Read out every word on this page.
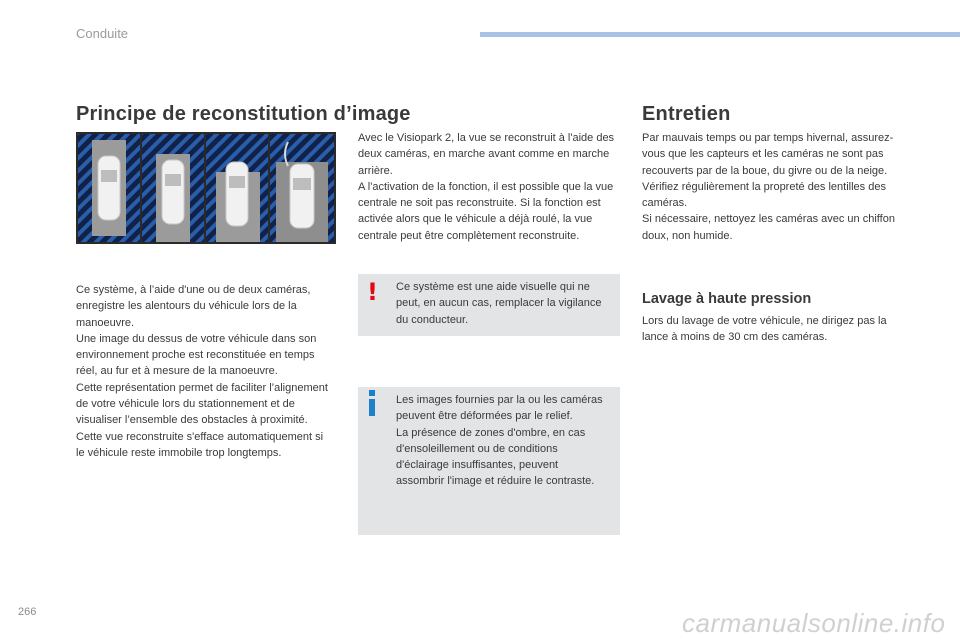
Conduite
Principe de reconstitution d’image

Ce système, à l’aide d'une ou de deux caméras, enregistre les alentours du véhicule lors de la manoeuvre.

Une image du dessus de votre véhicule dans son environnement proche est reconstituée en temps réel, au fur et à mesure de la manoeuvre.

Cette représentation permet de faciliter l’alignement de votre véhicule lors du stationnement et de visualiser l’ensemble des obstacles à proximité.

Cette vue reconstruite s'efface automatiquement si le véhicule reste immobile trop longtemps.

Avec le Visiopark 2, la vue se reconstruit à l'aide des deux caméras, en marche avant comme en marche arrière.

A l'activation de la fonction, il est possible que la vue centrale ne soit pas reconstruite. Si la fonction est activée alors que le véhicule a déjà roulé, la vue centrale peut être complètement reconstruite.

! Ce système est une aide visuelle qui ne peut, en aucun cas, remplacer la vigilance du conducteur.

Les images fournies par la ou les caméras peuvent être déformées par le relief.

La présence de zones d'ombre, en cas d'ensoleillement ou de conditions d'éclairage insuffisantes, peuvent assombrir l'image et réduire le contraste.

Entretien

Par mauvais temps ou par temps hivernal, assurez-vous que les capteurs et les caméras ne sont pas recouverts par de la boue, du givre ou de la neige.

Vérifiez régulièrement la propreté des lentilles des caméras.

Si nécessaire, nettoyez les caméras avec un chiffon doux, non humide.

Lavage à haute pression

Lors du lavage de votre véhicule, ne dirigez pas la lance à moins de 30 cm des caméras.

266	carmanualsonline.info
